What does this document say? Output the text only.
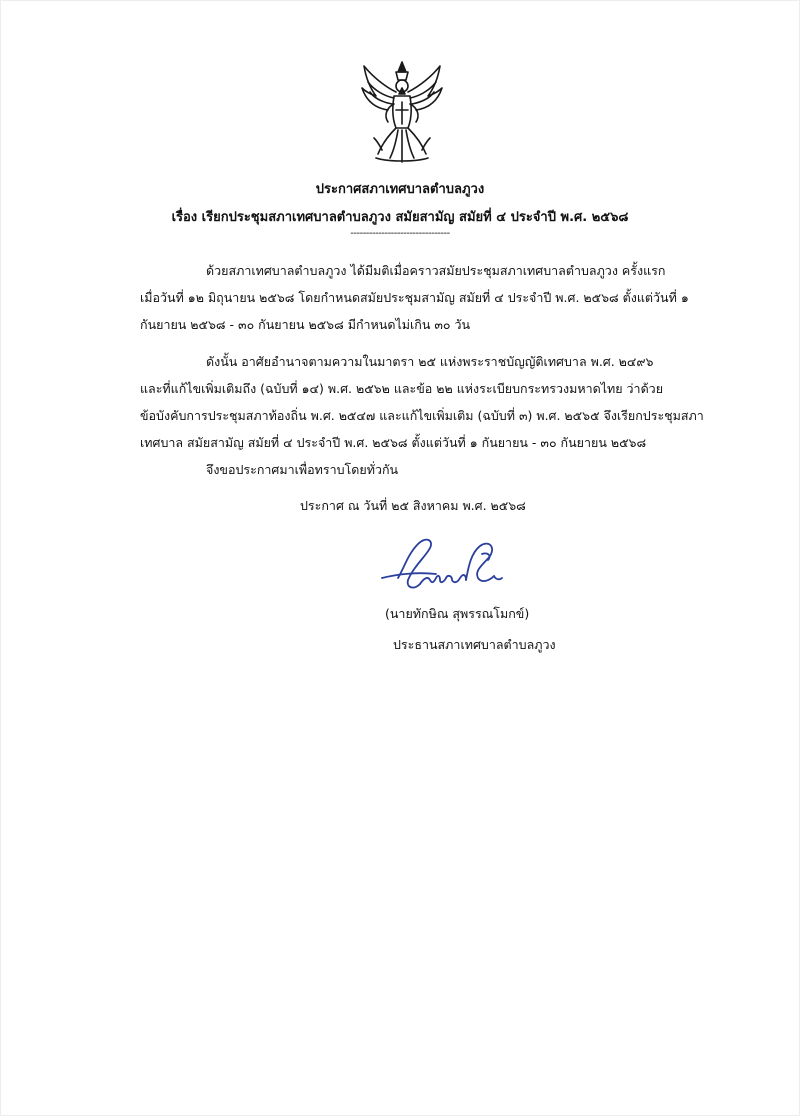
ประกาศสภาเทศบาลตำบลภูวง
เรื่อง เรียกประชุมสภาเทศบาลตำบลภูวง สมัยสามัญ สมัยที่ ๔ ประจำปี พ.ศ. ๒๕๖๘
--------------------------------
ด้วยสภาเทศบาลตำบลภูวง ได้มีมติเมื่อคราวสมัยประชุมสภาเทศบาลตำบลภูวง ครั้งแรก
เมื่อวันที่ ๑๒ มิถุนายน ๒๕๖๘ โดยกำหนดสมัยประชุมสามัญ สมัยที่ ๔ ประจำปี พ.ศ. ๒๕๖๘ ตั้งแต่วันที่ ๑
กันยายน ๒๕๖๘ - ๓๐ กันยายน ๒๕๖๘ มีกำหนดไม่เกิน ๓๐ วัน
ดังนั้น อาศัยอำนาจตามความในมาตรา ๒๕ แห่งพระราชบัญญัติเทศบาล พ.ศ. ๒๔๙๖
และที่แก้ไขเพิ่มเติมถึง (ฉบับที่ ๑๔) พ.ศ. ๒๕๖๒ และข้อ ๒๒ แห่งระเบียบกระทรวงมหาดไทย ว่าด้วย
ข้อบังคับการประชุมสภาท้องถิ่น พ.ศ. ๒๕๔๗ และแก้ไขเพิ่มเติม (ฉบับที่ ๓) พ.ศ. ๒๕๖๕ จึงเรียกประชุมสภา
เทศบาล สมัยสามัญ สมัยที่ ๔ ประจำปี พ.ศ. ๒๕๖๘ ตั้งแต่วันที่ ๑ กันยายน - ๓๐ กันยายน ๒๕๖๘
จึงขอประกาศมาเพื่อทราบโดยทั่วกัน
ประกาศ ณ วันที่ ๒๕ สิงหาคม พ.ศ. ๒๕๖๘
(นายทักษิณ สุพรรณโมกข์)
ประธานสภาเทศบาลตำบลภูวง
